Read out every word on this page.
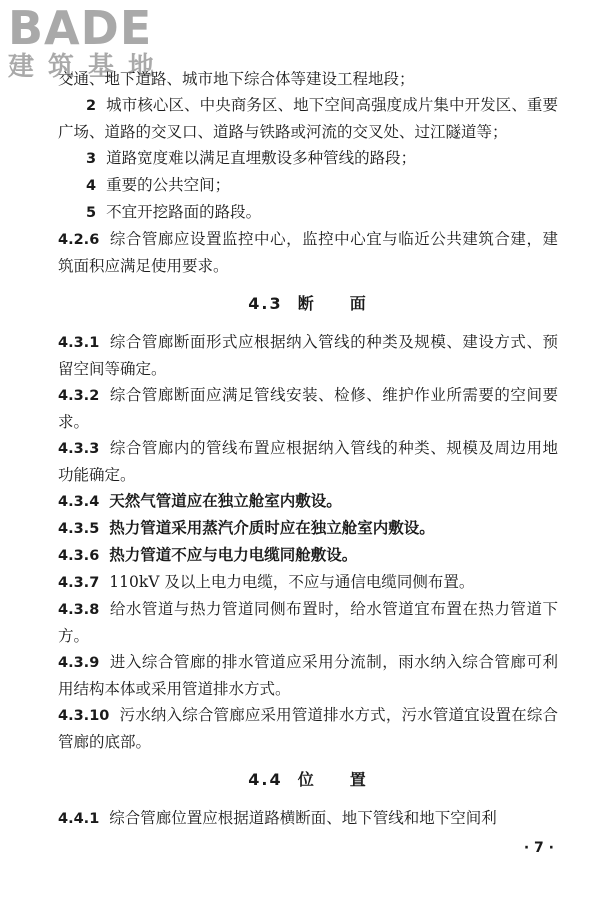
BADE
建筑基地

交通、地下道路、城市地下综合体等建设工程地段；

2 城市核心区、中央商务区、地下空间高强度成片集中开发区、重要广场、道路的交叉口、道路与铁路或河流的交叉处、过江隧道等；

3 道路宽度难以满足直埋敷设多种管线的路段；

4 重要的公共空间；

5 不宜开挖路面的路段。

4.2.6 综合管廊应设置监控中心，监控中心宜与临近公共建筑合建，建筑面积应满足使用要求。

4.3 断 面

4.3.1 综合管廊断面形式应根据纳入管线的种类及规模、建设方式、预留空间等确定。

4.3.2 综合管廊断面应满足管线安装、检修、维护作业所需要的空间要求。

4.3.3 综合管廊内的管线布置应根据纳入管线的种类、规模及周边用地功能确定。

4.3.4 天然气管道应在独立舱室内敷设。

4.3.5 热力管道采用蒸汽介质时应在独立舱室内敷设。

4.3.6 热力管道不应与电力电缆同舱敷设。

4.3.7 110kV 及以上电力电缆，不应与通信电缆同侧布置。

4.3.8 给水管道与热力管道同侧布置时，给水管道宜布置在热力管道下方。

4.3.9 进入综合管廊的排水管道应采用分流制，雨水纳入综合管廊可利用结构本体或采用管道排水方式。

4.3.10 污水纳入综合管廊应采用管道排水方式，污水管道宜设置在综合管廊的底部。

4.4 位 置

4.4.1 综合管廊位置应根据道路横断面、地下管线和地下空间利

· 7 ·
